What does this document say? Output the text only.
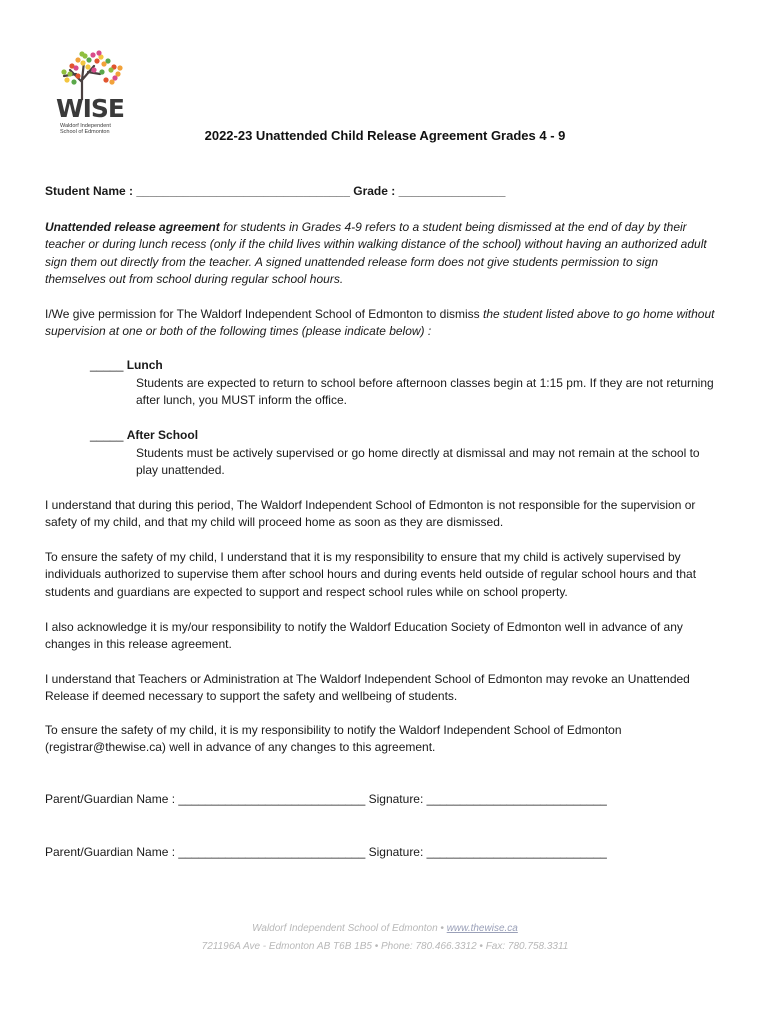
WISE
Waldorf Independent
School of Edmonton	2022-23 Unattended Child Release Agreement Grades 4 - 9
Student Name : ________________________________ Grade : ________________
Unattended release agreement for students in Grades 4-9 refers to a student being dismissed at the end of day by their teacher or during lunch recess (only if the child lives within walking distance of the school) without having an authorized adult sign them out directly from the teacher. A signed unattended release form does not give students permission to sign themselves out from school during regular school hours.
I/We give permission for The Waldorf Independent School of Edmonton to dismiss the student listed above to go home without supervision at one or both of the following times (please indicate below) :
_____ Lunch
Students are expected to return to school before afternoon classes begin at 1:15 pm. If they are not returning after lunch, you MUST inform the office.
_____ After School
Students must be actively supervised or go home directly at dismissal and may not remain at the school to play unattended.
I understand that during this period, The Waldorf Independent School of Edmonton is not responsible for the supervision or safety of my child, and that my child will proceed home as soon as they are dismissed.
To ensure the safety of my child, I understand that it is my responsibility to ensure that my child is actively supervised by individuals authorized to supervise them after school hours and during events held outside of regular school hours and that students and guardians are expected to support and respect school rules while on school property.
I also acknowledge it is my/our responsibility to notify the Waldorf Education Society of Edmonton well in advance of any changes in this release agreement.
I understand that Teachers or Administration at The Waldorf Independent School of Edmonton may revoke an Unattended Release if deemed necessary to support the safety and wellbeing of students.
To ensure the safety of my child, it is my responsibility to notify the Waldorf Independent School of Edmonton (registrar@thewise.ca) well in advance of any changes to this agreement.
Parent/Guardian Name : ____________________________ Signature: ___________________________
Parent/Guardian Name : ____________________________ Signature: ___________________________
Waldorf Independent School of Edmonton • www.thewise.ca
721196A Ave - Edmonton AB T6B 1B5 • Phone: 780.466.3312 • Fax: 780.758.3311
